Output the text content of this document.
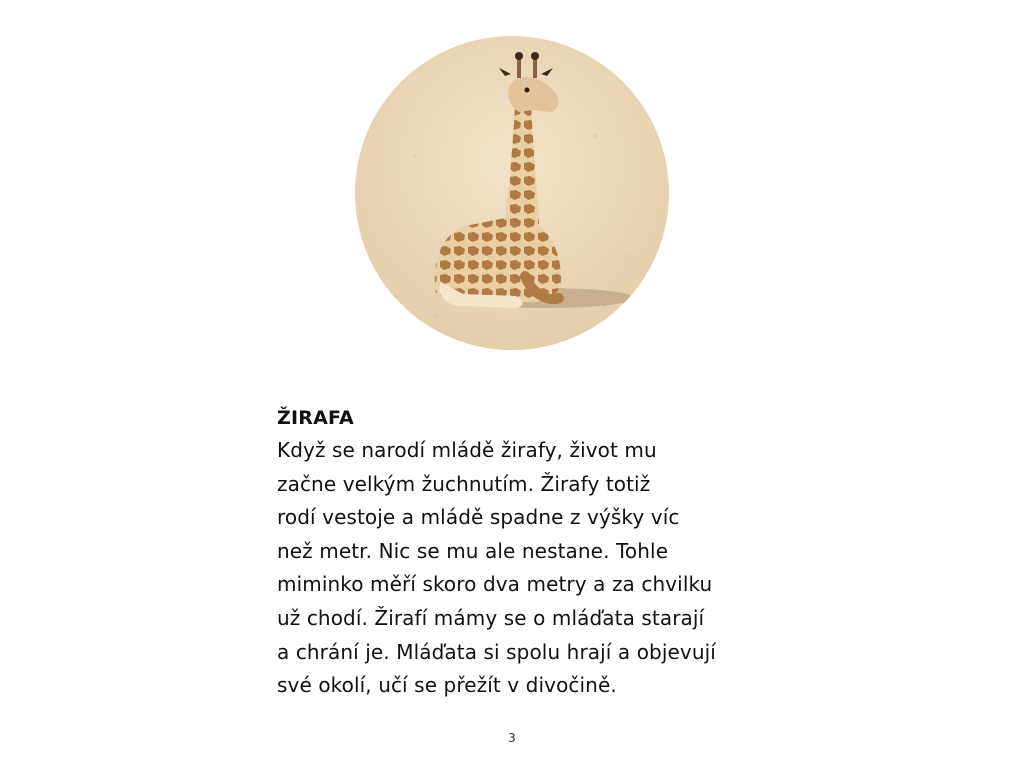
ŽIRAFA
Když se narodí mládě žirafy, život mu
začne velkým žuchnutím. Žirafy totiž
rodí vestoje a mládě spadne z výšky víc
než metr. Nic se mu ale nestane. Tohle
miminko měří skoro dva metry a za chvilku
už chodí. Žirafí mámy se o mláďata starají
a chrání je. Mláďata si spolu hrají a objevují
své okolí, učí se přežít v divočině.
3
